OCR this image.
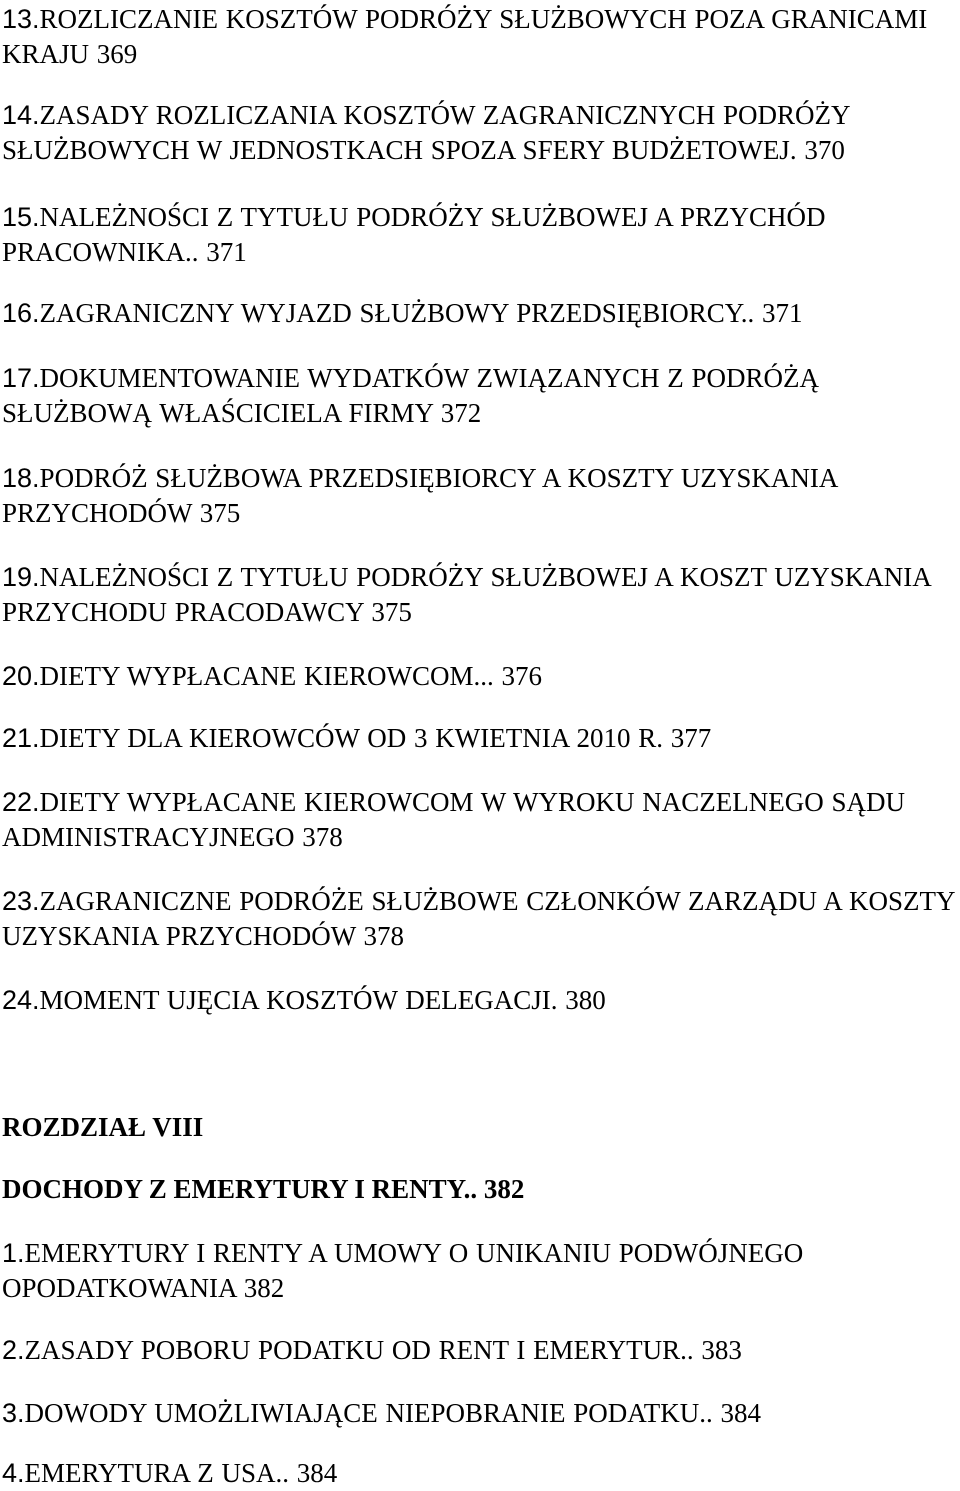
13.ROZLICZANIE KOSZTÓW PODRÓŻY SŁUŻBOWYCH POZA GRANICAMI KRAJU 369

14.ZASADY ROZLICZANIA KOSZTÓW ZAGRANICZNYCH PODRÓŻY SŁUŻBOWYCH W JEDNOSTKACH SPOZA SFERY BUDŻETOWEJ. 370

15.NALEŻNOŚCI Z TYTUŁU PODRÓŻY SŁUŻBOWEJ A PRZYCHÓD PRACOWNIKA.. 371

16.ZAGRANICZNY WYJAZD SŁUŻBOWY PRZEDSIĘBIORCY.. 371

17.DOKUMENTOWANIE WYDATKÓW ZWIĄZANYCH Z PODRÓŻĄ SŁUŻBOWĄ WŁAŚCICIELA FIRMY 372

18.PODRÓŻ SŁUŻBOWA PRZEDSIĘBIORCY A KOSZTY UZYSKANIA PRZYCHODÓW 375

19.NALEŻNOŚCI Z TYTUŁU PODRÓŻY SŁUŻBOWEJ A KOSZT UZYSKANIA PRZYCHODU PRACODAWCY 375

20.DIETY WYPŁACANE KIEROWCOM... 376

21.DIETY DLA KIEROWCÓW OD 3 KWIETNIA 2010 R. 377

22.DIETY WYPŁACANE KIEROWCOM W WYROKU NACZELNEGO SĄDU ADMINISTRACYJNEGO 378

23.ZAGRANICZNE PODRÓŻE SŁUŻBOWE CZŁONKÓW ZARZĄDU A KOSZTY UZYSKANIA PRZYCHODÓW 378

24.MOMENT UJĘCIA KOSZTÓW DELEGACJI. 380

ROZDZIAŁ VIII

DOCHODY Z EMERYTURY I RENTY.. 382

1.EMERYTURY I RENTY A UMOWY O UNIKANIU PODWÓJNEGO OPODATKOWANIA 382

2.ZASADY POBORU PODATKU OD RENT I EMERYTUR.. 383

3.DOWODY UMOŻLIWIAJĄCE NIEPOBRANIE PODATKU.. 384

4.EMERYTURA Z USA.. 384
